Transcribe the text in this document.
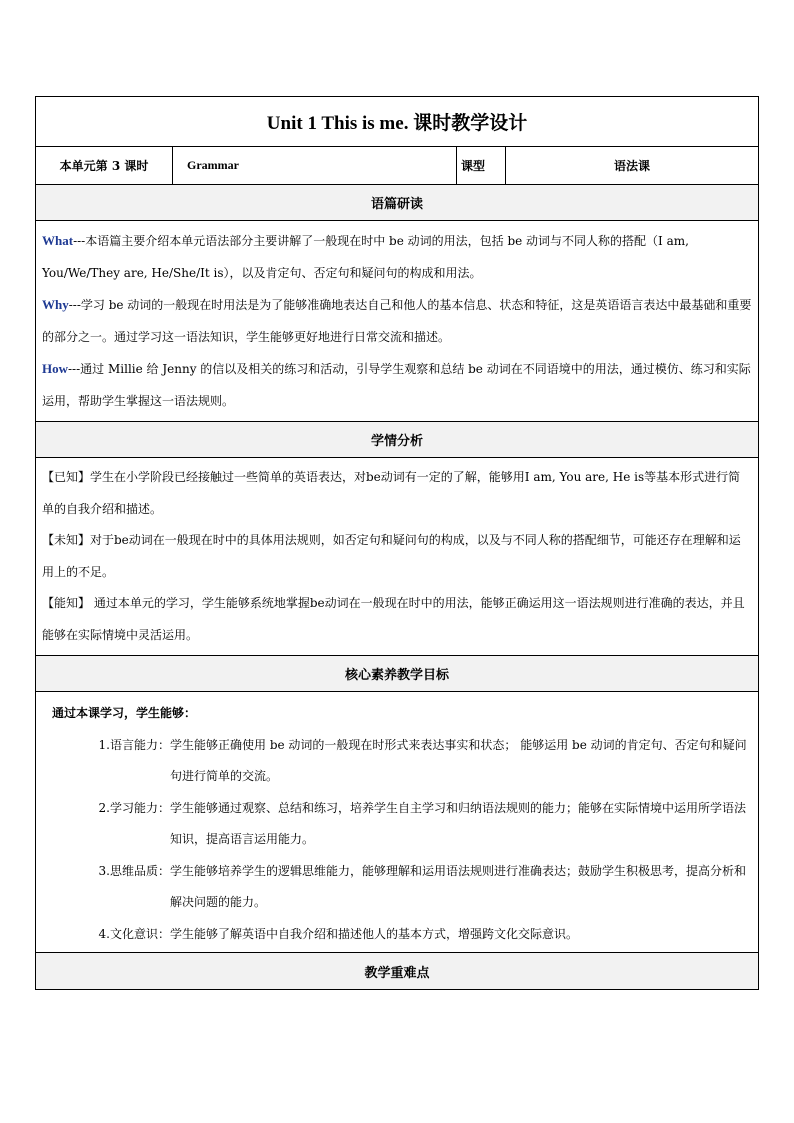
Unit 1 This is me. 课时教学设计
本单元第 3 课时	Grammar	课型	语法课
语篇研读

What---本语篇主要介绍本单元语法部分主要讲解了一般现在时中 be 动词的用法，包括 be 动词与不同人称的搭配（I am, You/We/They are, He/She/It is），以及肯定句、否定句和疑问句的构成和用法。

Why---学习 be 动词的一般现在时用法是为了能够准确地表达自己和他人的基本信息、状态和特征，这是英语语言表达中最基础和重要的部分之一。通过学习这一语法知识，学生能够更好地进行日常交流和描述。

How---通过 Millie 给 Jenny 的信以及相关的练习和活动，引导学生观察和总结 be 动词在不同语境中的用法，通过模仿、练习和实际运用，帮助学生掌握这一语法规则。

学情分析

【已知】学生在小学阶段已经接触过一些简单的英语表达，对be动词有一定的了解，能够用I am, You are, He is等基本形式进行简单的自我介绍和描述。

【未知】对于be动词在一般现在时中的具体用法规则，如否定句和疑问句的构成，以及与不同人称的搭配细节，可能还存在理解和运用上的不足。

【能知】 通过本单元的学习，学生能够系统地掌握be动词在一般现在时中的用法，能够正确运用这一语法规则进行准确的表达，并且能够在实际情境中灵活运用。

核心素养教学目标

通过本课学习，学生能够：

1.语言能力： 学生能够正确使用 be 动词的一般现在时形式来表达事实和状态； 能够运用 be 动词的肯定句、否定句和疑问句进行简单的交流。
2.学习能力： 学生能够通过观察、总结和练习，培养学生自主学习和归纳语法规则的能力；能够在实际情境中运用所学语法知识，提高语言运用能力。
3.思维品质： 学生能够培养学生的逻辑思维能力，能够理解和运用语法规则进行准确表达；鼓励学生积极思考，提高分析和解决问题的能力。
4.文化意识： 学生能够了解英语中自我介绍和描述他人的基本方式，增强跨文化交际意识。
教学重难点
